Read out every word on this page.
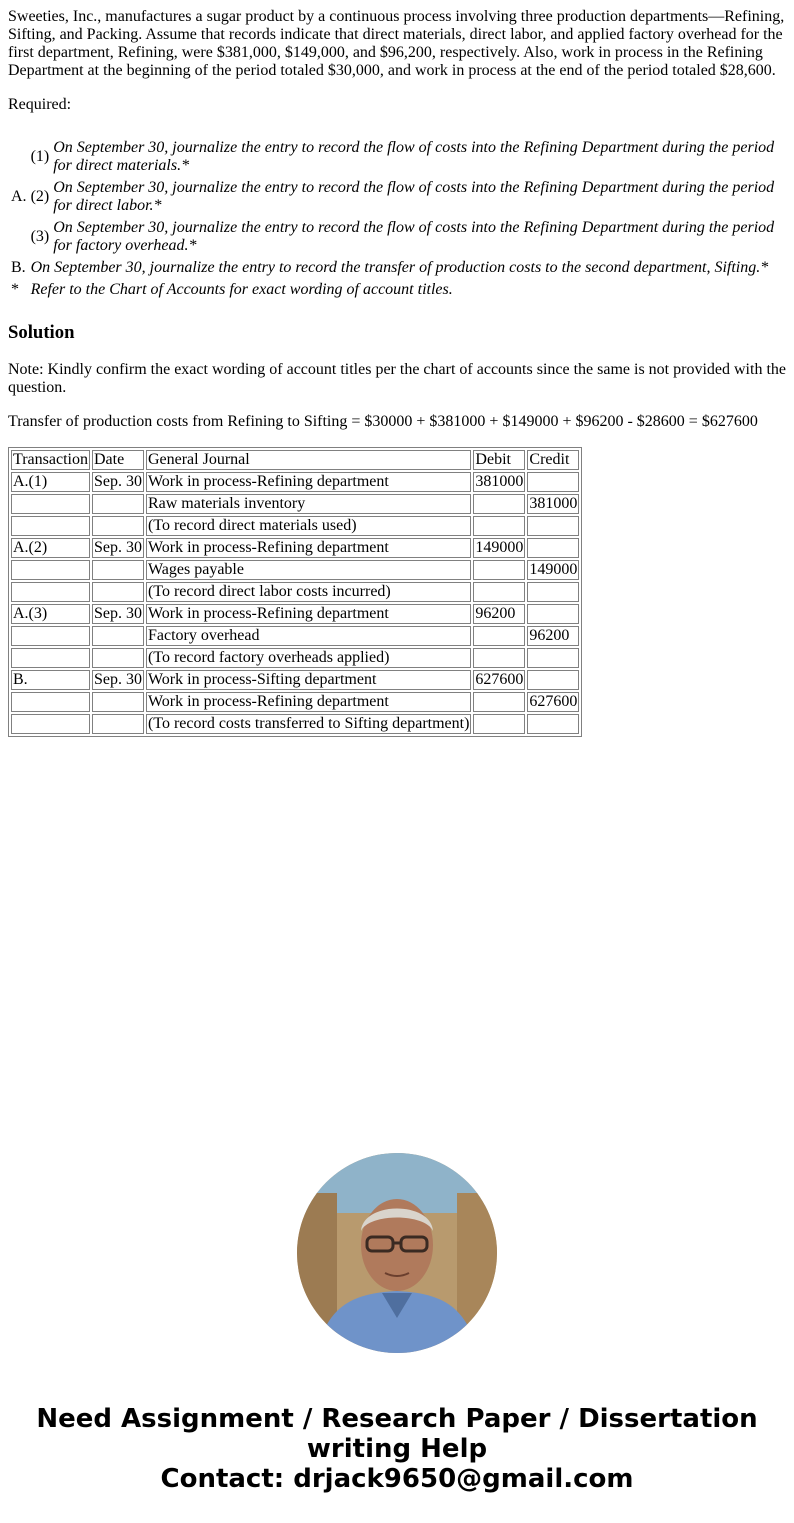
Sweeties, Inc., manufactures a sugar product by a continuous process involving three production departments—Refining, Sifting, and Packing. Assume that records indicate that direct materials, direct labor, and applied factory overhead for the first department, Refining, were $381,000, $149,000, and $96,200, respectively. Also, work in process in the Refining Department at the beginning of the period totaled $30,000, and work in process at the end of the period totaled $28,600.

Required:

A.	(1)	On September 30, journalize the entry to record the flow of costs into the Refining Department during the period for direct materials.*
	(2)	On September 30, journalize the entry to record the flow of costs into the Refining Department during the period for direct labor.*
	(3)	On September 30, journalize the entry to record the flow of costs into the Refining Department during the period for factory overhead.*
B.	On September 30, journalize the entry to record the transfer of production costs to the second department, Sifting.*	
*	Refer to the Chart of Accounts for exact wording of account titles.	
Solution

Note: Kindly confirm the exact wording of account titles per the chart of accounts since the same is not provided with the question.

Transfer of production costs from Refining to Sifting = $30000 + $381000 + $149000 + $96200 - $28600 = $627600

Transaction	Date	General Journal	Debit	Credit
A.(1)	Sep. 30	Work in process-Refining department	381000	
		Raw materials inventory		381000
		(To record direct materials used)		
A.(2)	Sep. 30	Work in process-Refining department	149000	
		Wages payable		149000
		(To record direct labor costs incurred)		
A.(3)	Sep. 30	Work in process-Refining department	96200	
		Factory overhead		96200
		(To record factory overheads applied)		
B.	Sep. 30	Work in process-Sifting department	627600	
		Work in process-Refining department		627600
		(To record costs transferred to Sifting department)		
Need Assignment / Research Paper / Dissertation
writing Help
Contact: drjack9650@gmail.com
